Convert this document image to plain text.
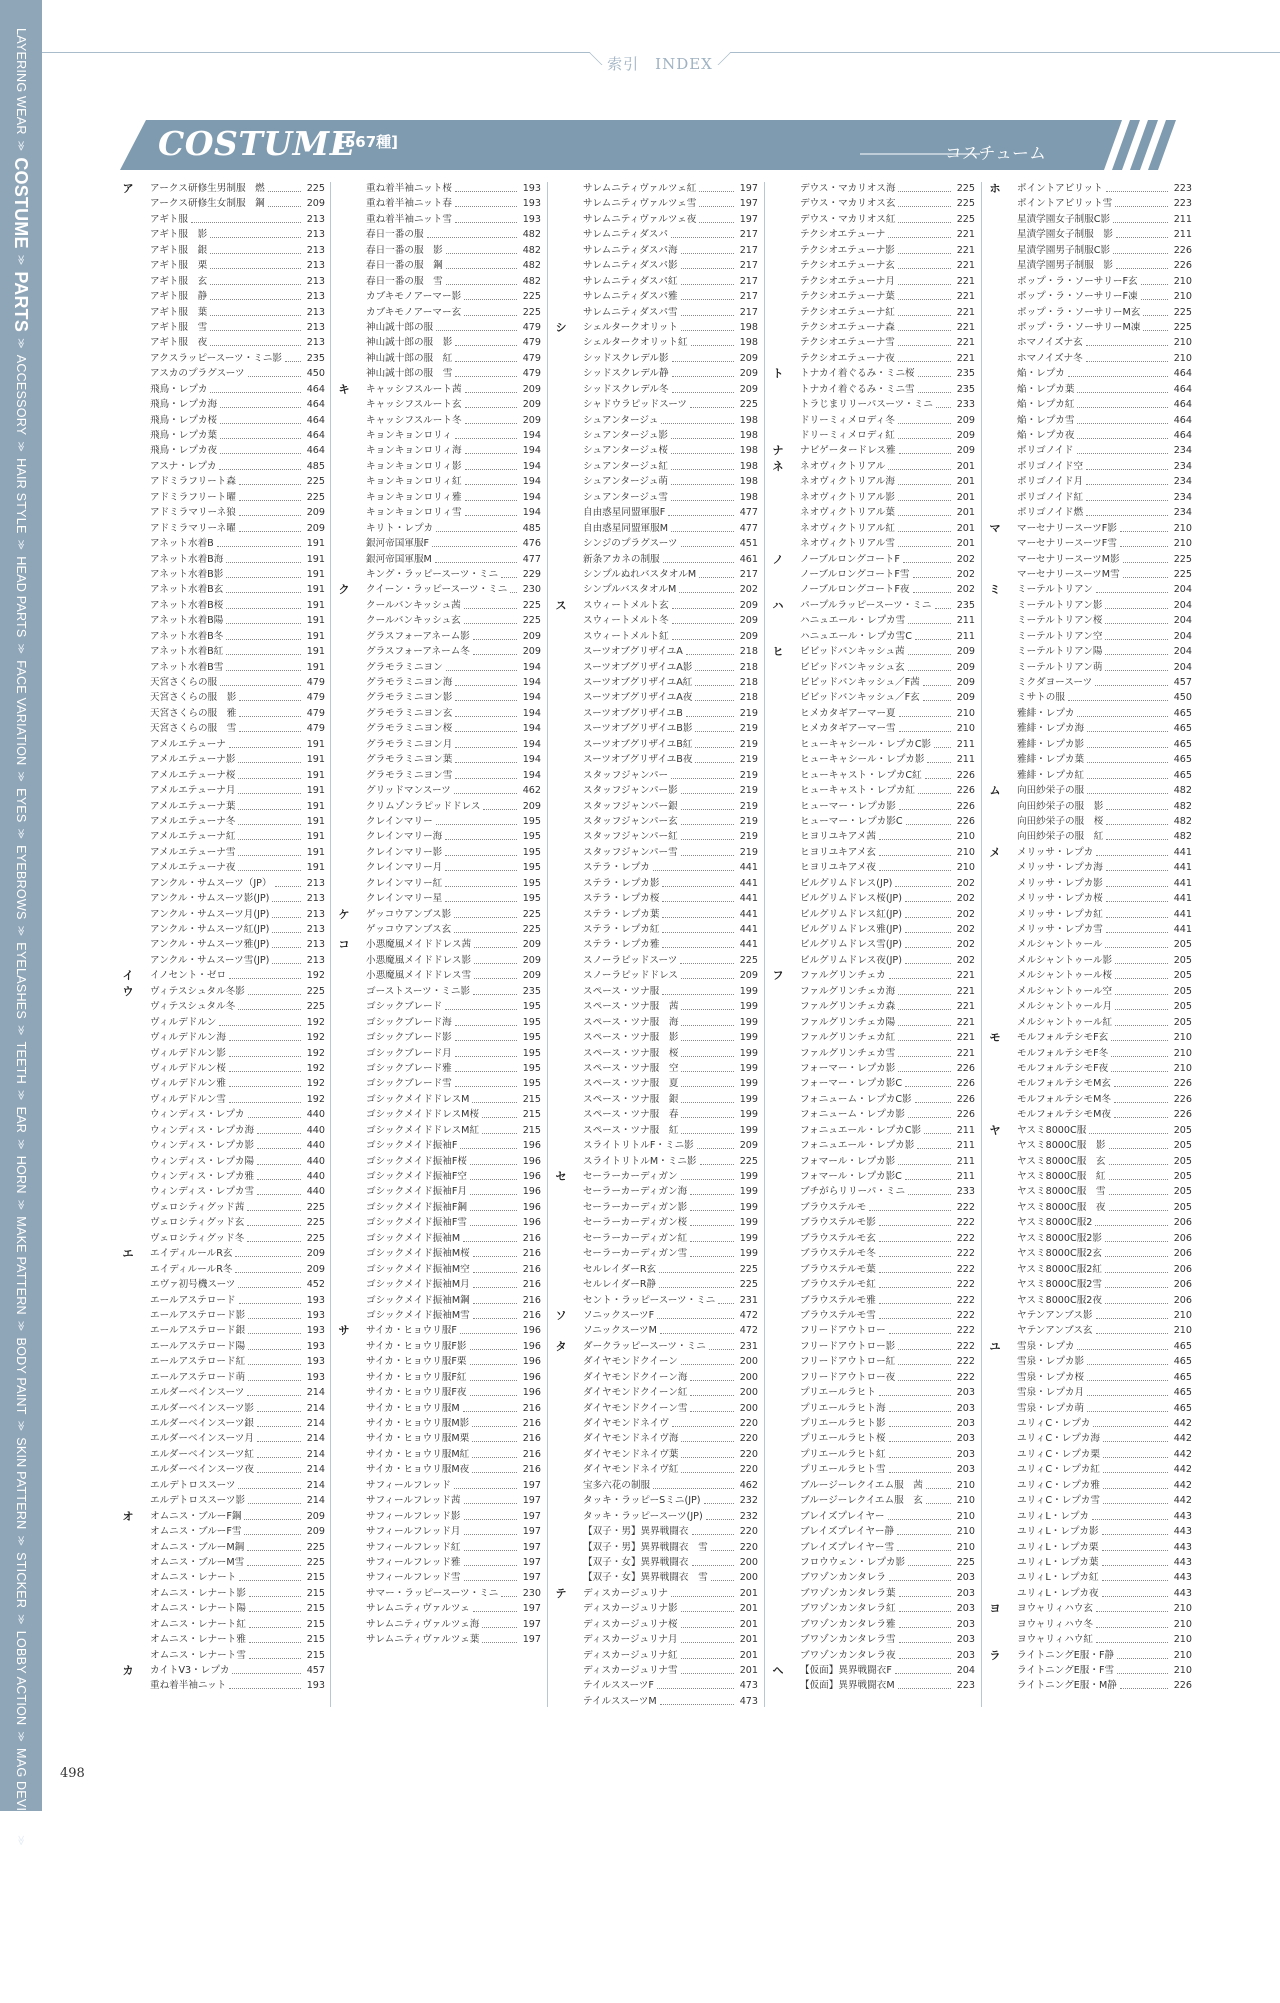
LAYERING WEAR
≫
COSTUME
≫
PARTS
≫
ACCESSORY
≫
HAIR STYLE
≫
HEAD PARTS
≫
FACE VARIATION
≫
EYES
≫
EYEBROWS
≫
EYELASHES
≫
TEETH
≫
EAR
≫
HORN
≫
MAKE PATTERN
≫
BODY PAINT
≫
SKIN PATTERN
≫
STICKER
≫
LOBBY ACTION
≫
MAG DEVICE
≫
WEAPON CAMOUFLAGE
索引　INDEX
COSTUME
[567種]
コスチューム
ア アークス研修生男制服　燃	225
アークス研修生女制服　鋼	209
アギト服	213
アギト服　影	213
アギト服　銀	213
アギト服　栗	213
アギト服　玄	213
アギト服　静	213
アギト服　葉	213
アギト服　雪	213
アギト服　夜	213
アクスラッピースーツ・ミニ影	235
アスカのプラグスーツ	450
飛鳥・レプカ	464
飛鳥・レプカ海	464
飛鳥・レプカ桜	464
飛鳥・レプカ葉	464
飛鳥・レプカ夜	464
アスナ・レプカ	485
アドミラフリート森	225
アドミラフリート曜	225
アドミラマリーネ狼	209
アドミラマリーネ曜	209
アネット水着B	191
アネット水着B海	191
アネット水着B影	191
アネット水着B玄	191
アネット水着B桜	191
アネット水着B陽	191
アネット水着B冬	191
アネット水着B紅	191
アネット水着B雪	191
天宮さくらの服	479
天宮さくらの服　影	479
天宮さくらの服　雅	479
天宮さくらの服　雪	479
アメルエテューナ	191
アメルエテューナ影	191
アメルエテューナ桜	191
アメルエテューナ月	191
アメルエテューナ葉	191
アメルエテューナ冬	191
アメルエテューナ紅	191
アメルエテューナ雪	191
アメルエテューナ夜	191
アンクル・サムスーツ（JP）	213
アンクル・サムスーツ影(JP)	213
アンクル・サムスーツ月(JP)	213
アンクル・サムスーツ紅(JP)	213
アンクル・サムスーツ雅(JP)	213
アンクル・サムスーツ雪(JP)	213
イ イノセント・ゼロ	192
ウ ヴィテスシュタル冬影	225
ヴィテスシュタル冬	225
ヴィルデドルン	192
ヴィルデドルン海	192
ヴィルデドルン影	192
ヴィルデドルン桜	192
ヴィルデドルン雅	192
ヴィルデドルン雪	192
ウィンディス・レプカ	440
ウィンディス・レプカ海	440
ウィンディス・レプカ影	440
ウィンディス・レプカ陽	440
ウィンディス・レプカ雅	440
ウィンディス・レプカ雪	440
ヴェロシティグッド茜	225
ヴェロシティグッド玄	225
ヴェロシティグッド冬	225
エ エイディルールR玄	209
エイディルールR冬	209
エヴァ初号機スーツ	452
エールアステロード	193
エールアステロード影	193
エールアステロード銀	193
エールアステロード陽	193
エールアステロード紅	193
エールアステロード萌	193
エルダーベインスーツ	214
エルダーベインスーツ影	214
エルダーベインスーツ銀	214
エルダーベインスーツ月	214
エルダーベインスーツ紅	214
エルダーベインスーツ夜	214
エルデトロススーツ	214
エルデトロススーツ影	214
オ オムニス・ブルーF鋼	209
オムニス・ブルーF雪	209
オムニス・ブルーM鋼	225
オムニス・ブルーM雪	225
オムニス・レナート	215
オムニス・レナート影	215
オムニス・レナート陽	215
オムニス・レナート紅	215
オムニス・レナート雅	215
オムニス・レナート雪	215
カ カイトV3・レプカ	457
重ね着半袖ニット	193
重ね着半袖ニット桜	193
重ね着半袖ニット春	193
重ね着半袖ニット雪	193
春日一番の服	482
春日一番の服　影	482
春日一番の服　鋼	482
春日一番の服　雪	482
カブキモノアーマー影	225
カブキモノアーマー玄	225
神山誠十郎の服	479
神山誠十郎の服　影	479
神山誠十郎の服　紅	479
神山誠十郎の服　雪	479
キ キャッシフスルート茜	209
キャッシフスルート玄	209
キャッシフスルート冬	209
キョンキョンロリィ	194
キョンキョンロリィ海	194
キョンキョンロリィ影	194
キョンキョンロリィ紅	194
キョンキョンロリィ雅	194
キョンキョンロリィ雪	194
キリト・レプカ	485
銀河帝国軍服F	476
銀河帝国軍服M	477
キング・ラッピースーツ・ミニ	229
ク クイーン・ラッピースーツ・ミニ	230
クールバンキッシュ茜	225
クールバンキッシュ玄	225
グラスフォーアネーム影	209
グラスフォーアネーム冬	209
グラモラミニヨン	194
グラモラミニヨン海	194
グラモラミニヨン影	194
グラモラミニヨン玄	194
グラモラミニヨン桜	194
グラモラミニヨン月	194
グラモラミニヨン葉	194
グラモラミニヨン雪	194
グリッドマンスーツ	462
クリムゾンラピッドドレス	209
クレインマリー	195
クレインマリー海	195
クレインマリー影	195
クレインマリー月	195
クレインマリー紅	195
クレインマリー星	195
ケ ゲッコウアンブス影	225
ゲッコウアンブス玄	225
コ 小悪魔風メイドドレス茜	209
小悪魔風メイドドレス影	209
小悪魔風メイドドレス雪	209
ゴーストスーツ・ミニ影	235
ゴシックブレード	195
ゴシックブレード海	195
ゴシックブレード影	195
ゴシックブレード月	195
ゴシックブレード雅	195
ゴシックブレード雪	195
ゴシックメイドドレスM	215
ゴシックメイドドレスM桜	215
ゴシックメイドドレスM紅	215
ゴシックメイド振袖F	196
ゴシックメイド振袖F桜	196
ゴシックメイド振袖F空	196
ゴシックメイド振袖F月	196
ゴシックメイド振袖F鋼	196
ゴシックメイド振袖F雪	196
ゴシックメイド振袖M	216
ゴシックメイド振袖M桜	216
ゴシックメイド振袖M空	216
ゴシックメイド振袖M月	216
ゴシックメイド振袖M鋼	216
ゴシックメイド振袖M雪	216
サ サイカ・ヒョウリ服F	196
サイカ・ヒョウリ服F影	196
サイカ・ヒョウリ服F栗	196
サイカ・ヒョウリ服F紅	196
サイカ・ヒョウリ服F夜	196
サイカ・ヒョウリ服M	216
サイカ・ヒョウリ服M影	216
サイカ・ヒョウリ服M栗	216
サイカ・ヒョウリ服M紅	216
サイカ・ヒョウリ服M夜	216
サフィールフレッド	197
サフィールフレッド茜	197
サフィールフレッド影	197
サフィールフレッド月	197
サフィールフレッド紅	197
サフィールフレッド雅	197
サフィールフレッド雪	197
サマー・ラッピースーツ・ミニ	230
サレムニティヴァルツェ	197
サレムニティヴァルツェ海	197
サレムニティヴァルツェ葉	197
サレムニティヴァルツェ紅	197
サレムニティヴァルツェ雪	197
サレムニティヴァルツェ夜	197
サレムニティダスパ	217
サレムニティダスパ海	217
サレムニティダスパ影	217
サレムニティダスパ紅	217
サレムニティダスパ雅	217
サレムニティダスパ雪	217
シ シェルタークオリット	198
シェルタークオリット紅	198
シッドスクレデル影	209
シッドスクレデル静	209
シッドスクレデル冬	209
シャドウラピッドスーツ	225
シュアンタージュ	198
シュアンタージュ影	198
シュアンタージュ桜	198
シュアンタージュ紅	198
シュアンタージュ萌	198
シュアンタージュ雪	198
自由惑星同盟軍服F	477
自由惑星同盟軍服M	477
シンジのプラグスーツ	451
新条アカネの制服	461
シンプルぬれバスタオルM	217
シンプルバスタオルM	202
ス スウィートメルト玄	209
スウィートメルト冬	209
スウィートメルト紅	209
スーツオブグリザイユA	218
スーツオブグリザイユA影	218
スーツオブグリザイユA紅	218
スーツオブグリザイユA夜	218
スーツオブグリザイユB	219
スーツオブグリザイユB影	219
スーツオブグリザイユB紅	219
スーツオブグリザイユB夜	219
スタッフジャンパー	219
スタッフジャンパー影	219
スタッフジャンパー銀	219
スタッフジャンパー玄	219
スタッフジャンパー紅	219
スタッフジャンパー雪	219
ステラ・レプカ	441
ステラ・レプカ影	441
ステラ・レプカ桜	441
ステラ・レプカ葉	441
ステラ・レプカ紅	441
ステラ・レプカ雅	441
スノーラピッドスーツ	225
スノーラピッドドレス	209
スペース・ツナ服	199
スペース・ツナ服　茜	199
スペース・ツナ服　海	199
スペース・ツナ服　影	199
スペース・ツナ服　桜	199
スペース・ツナ服　空	199
スペース・ツナ服　夏	199
スペース・ツナ服　銀	199
スペース・ツナ服　春	199
スペース・ツナ服　紅	199
スライトリトルF・ミニ影	209
スライトリトルM・ミニ影	225
セ セーラーカーディガン	199
セーラーカーディガン海	199
セーラーカーディガン影	199
セーラーカーディガン桜	199
セーラーカーディガン紅	199
セーラーカーディガン雪	199
セルレイダーR玄	225
セルレイダーR静	225
セント・ラッピースーツ・ミニ	231
ソ ソニックスーツF	472
ソニックスーツM	472
タ ダークラッピースーツ・ミニ	231
ダイヤモンドクイーン	200
ダイヤモンドクイーン海	200
ダイヤモンドクイーン紅	200
ダイヤモンドクイーン雪	200
ダイヤモンドネイヴ	220
ダイヤモンドネイヴ海	220
ダイヤモンドネイヴ葉	220
ダイヤモンドネイヴ紅	220
宝多六花の制服	462
タッキ・ラッピーSミニ(JP)	232
タッキ・ラッピースーツ(JP)	232
【双子・男】異界戦闘衣	220
【双子・男】異界戦闘衣　雪	220
【双子・女】異界戦闘衣	200
【双子・女】異界戦闘衣　雪	200
テ ディスカージュリナ	201
ディスカージュリナ影	201
ディスカージュリナ桜	201
ディスカージュリナ月	201
ディスカージュリナ紅	201
ディスカージュリナ雪	201
テイルススーツF	473
テイルススーツM	473
デウス・マカリオス海	225
デウス・マカリオス玄	225
デウス・マカリオス紅	225
テクシオエテューナ	221
テクシオエテューナ影	221
テクシオエテューナ玄	221
テクシオエテューナ月	221
テクシオエテューナ葉	221
テクシオエテューナ紅	221
テクシオエテューナ森	221
テクシオエテューナ雪	221
テクシオエテューナ夜	221
ト トナカイ着ぐるみ・ミニ桜	235
トナカイ着ぐるみ・ミニ雪	235
トラじまリリーパスーツ・ミニ	233
ドリーミィメロディ冬	209
ドリーミィメロディ紅	209
ナ ナビゲータードレス雅	209
ネ ネオヴィクトリアル	201
ネオヴィクトリアル海	201
ネオヴィクトリアル影	201
ネオヴィクトリアル葉	201
ネオヴィクトリアル紅	201
ネオヴィクトリアル雪	201
ノ ノーブルロングコートF	202
ノーブルロングコートF雪	202
ノーブルロングコートF夜	202
ハ パープルラッピースーツ・ミニ	235
ハニュエール・レプカ雪	211
ハニュエール・レプカ雪C	211
ヒ ビビッドバンキッシュ茜	209
ビビッドバンキッシュ玄	209
ビビッドバンキッシュ／F茜	209
ビビッドバンキッシュ／F玄	209
ヒメカタギアーマー夏	210
ヒメカタギアーマー雪	210
ヒューキャシール・レプカC影	211
ヒューキャシール・レプカ影	211
ヒューキャスト・レプカC紅	226
ヒューキャスト・レプカ紅	226
ヒューマー・レプカ影	226
ヒューマー・レプカ影C	226
ヒヨリユキアメ茜	210
ヒヨリユキアメ玄	210
ヒヨリユキアメ夜	210
ビルグリムドレス(JP)	202
ビルグリムドレス桜(JP)	202
ビルグリムドレス紅(JP)	202
ビルグリムドレス雅(JP)	202
ビルグリムドレス雪(JP)	202
ビルグリムドレス夜(JP)	202
フ ファルグリンチェカ	221
ファルグリンチェカ海	221
ファルグリンチェカ森	221
ファルグリンチェカ陽	221
ファルグリンチェカ紅	221
ファルグリンチェカ雪	221
フォーマー・レプカ影	226
フォーマー・レプカ影C	226
フォニューム・レプカC影	226
フォニューム・レプカ影	226
フォニュエール・レプカC影	211
フォニュエール・レプカ影	211
フォマール・レプカ影	211
フォマール・レプカ影C	211
ブチがらリリーパ・ミニ	233
ブラウステルモ	222
ブラウステルモ影	222
ブラウステルモ玄	222
ブラウステルモ冬	222
ブラウステルモ葉	222
ブラウステルモ紅	222
ブラウステルモ雅	222
ブラウステルモ雪	222
フリードアウトロー	222
フリードアウトロー影	222
フリードアウトロー紅	222
フリードアウトロー夜	222
プリエールラヒト	203
プリエールラヒト海	203
プリエールラヒト影	203
プリエールラヒト桜	203
プリエールラヒト紅	203
プリエールラヒト雪	203
ブルージーレクイエム服　茜	210
ブルージーレクイエム服　玄	210
ブレイズプレイヤー	210
ブレイズプレイヤー静	210
ブレイズプレイヤー雪	210
フロウウェン・レプカ影	225
ブワゾンカンタレラ	203
ブワゾンカンタレラ葉	203
ブワゾンカンタレラ紅	203
ブワゾンカンタレラ雅	203
ブワゾンカンタレラ雪	203
ブワゾンカンタレラ夜	203
ヘ 【仮面】異界戦闘衣F	204
【仮面】異界戦闘衣M	223
ホ ポイントアビリット	223
ポイントアビリット雪	223
星漬学園女子制服C影	211
星漬学園女子制服　影	211
星漬学園男子制服C影	226
星漬学園男子制服　影	226
ポップ・ラ・ソーサリーF玄	210
ポップ・ラ・ソーサリーF凍	210
ポップ・ラ・ソーサリーM玄	225
ポップ・ラ・ソーサリーM凍	225
ホマノイズナ玄	210
ホマノイズナ冬	210
焔・レプカ	464
焔・レプカ葉	464
焔・レプカ紅	464
焔・レプカ雪	464
焔・レプカ夜	464
ポリゴノイド	234
ポリゴノイド空	234
ポリゴノイド月	234
ポリゴノイド紅	234
ポリゴノイド燃	234
マ マーセナリースーツF影	210
マーセナリースーツF雪	210
マーセナリースーツM影	225
マーセナリースーツM雪	225
ミ ミーテルトリアン	204
ミーテルトリアン影	204
ミーテルトリアン桜	204
ミーテルトリアン空	204
ミーテルトリアン陽	204
ミーテルトリアン萌	204
ミクダヨースーツ	457
ミサトの服	450
雅緋・レプカ	465
雅緋・レプカ海	465
雅緋・レプカ影	465
雅緋・レプカ葉	465
雅緋・レプカ紅	465
ム 向田紗栄子の服	482
向田紗栄子の服　影	482
向田紗栄子の服　桜	482
向田紗栄子の服　紅	482
メ メリッサ・レプカ	441
メリッサ・レプカ海	441
メリッサ・レプカ影	441
メリッサ・レプカ桜	441
メリッサ・レプカ紅	441
メリッサ・レプカ雪	441
メルシャントゥール	205
メルシャントゥール影	205
メルシャントゥール桜	205
メルシャントゥール空	205
メルシャントゥール月	205
メルシャントゥール紅	205
モ モルフォルテシモF玄	210
モルフォルテシモF冬	210
モルフォルテシモF夜	210
モルフォルテシモM玄	226
モルフォルテシモM冬	226
モルフォルテシモM夜	226
ヤ ヤスミ8000C服	205
ヤスミ8000C服　影	205
ヤスミ8000C服　玄	205
ヤスミ8000C服　紅	205
ヤスミ8000C服　雪	205
ヤスミ8000C服　夜	205
ヤスミ8000C服2	206
ヤスミ8000C服2影	206
ヤスミ8000C服2玄	206
ヤスミ8000C服2紅	206
ヤスミ8000C服2雪	206
ヤスミ8000C服2夜	206
ヤテンアンブス影	210
ヤテンアンブス玄	210
ユ 雪泉・レプカ	465
雪泉・レプカ影	465
雪泉・レプカ桜	465
雪泉・レプカ月	465
雪泉・レプカ萌	465
ユリィC・レプカ	442
ユリィC・レプカ海	442
ユリィC・レプカ栗	442
ユリィC・レプカ紅	442
ユリィC・レプカ雅	442
ユリィC・レプカ雪	442
ユリィL・レプカ	443
ユリィL・レプカ影	443
ユリィL・レプカ栗	443
ユリィL・レプカ葉	443
ユリィL・レプカ紅	443
ユリィL・レプカ夜	443
ヨ ヨウャリィハウ玄	210
ヨウャリィハウ冬	210
ヨウャリィハウ紅	210
ラ ライトニングE服・F静	210
ライトニングE服・F雪	210
ライトニングE服・M静	226
498
